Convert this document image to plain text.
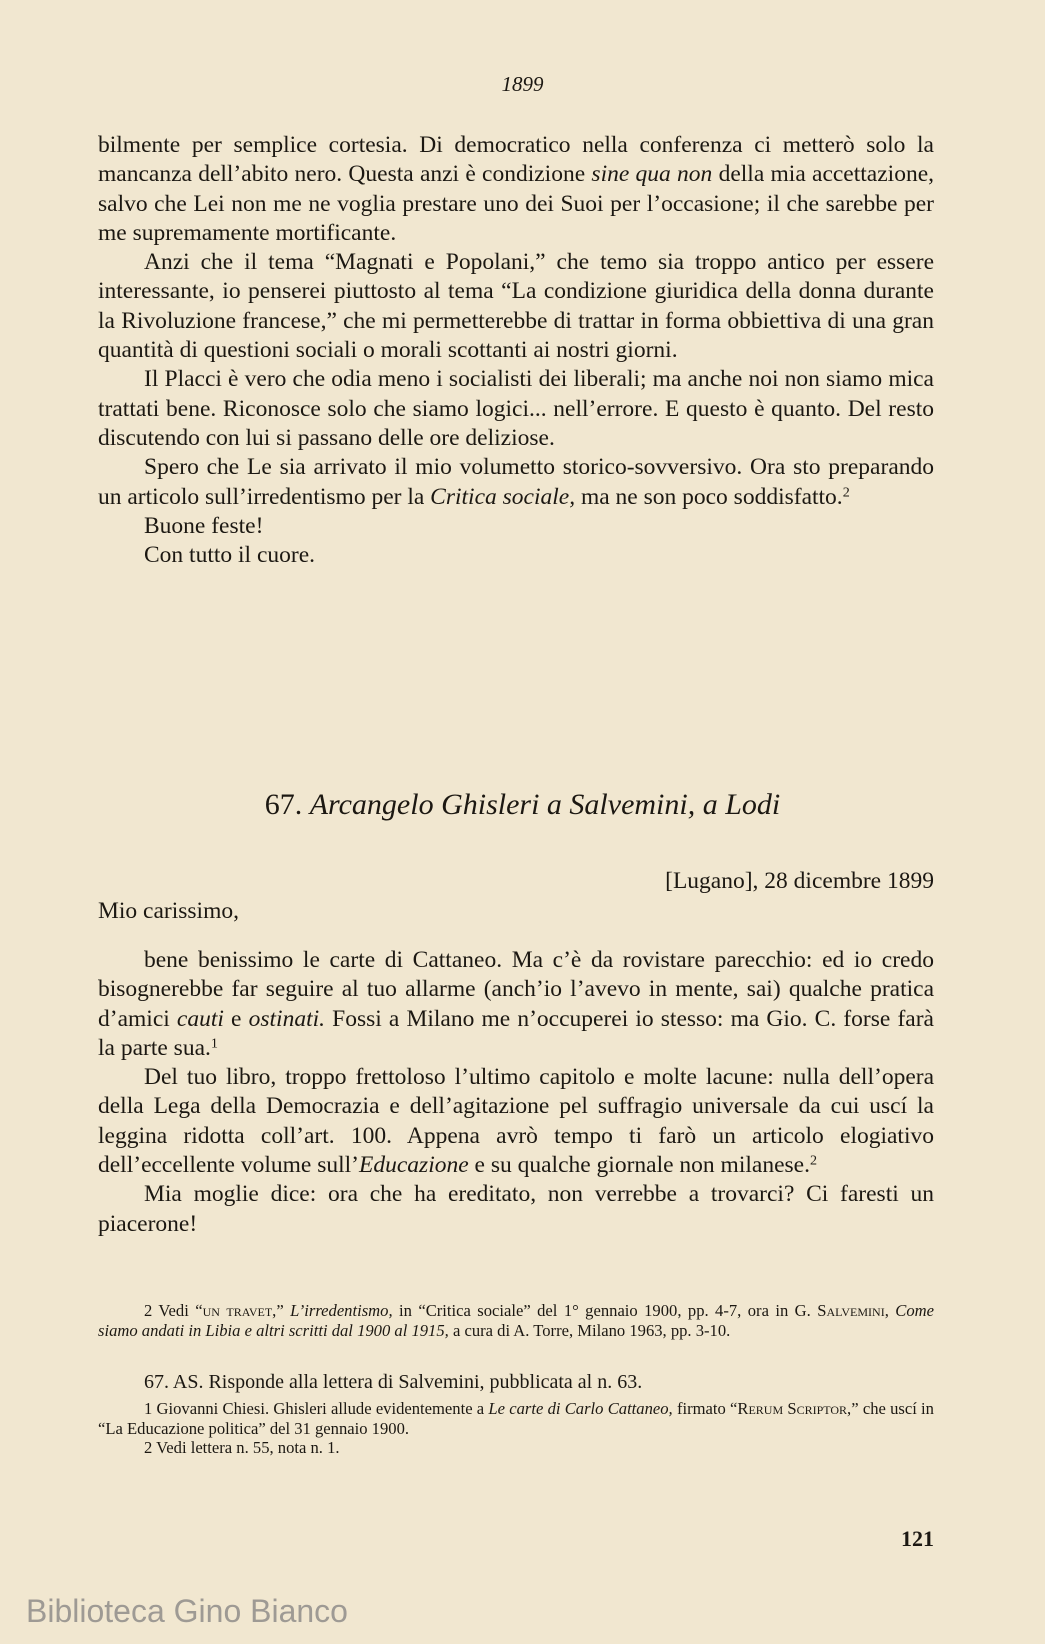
1899

bilmente per semplice cortesia. Di democratico nella conferenza ci metterò solo la mancanza dell’abito nero. Questa anzi è condizione sine qua non della mia accettazione, salvo che Lei non me ne voglia prestare uno dei Suoi per l’occasione; il che sarebbe per me supremamente mortificante.

Anzi che il tema “Magnati e Popolani,” che temo sia troppo antico per essere interessante, io penserei piuttosto al tema “La condizione giuridica della donna durante la Rivoluzione francese,” che mi permetterebbe di trattar in forma obbiettiva di una gran quantità di questioni sociali o morali scottanti ai nostri giorni.

Il Placci è vero che odia meno i socialisti dei liberali; ma anche noi non siamo mica trattati bene. Riconosce solo che siamo logici... nell’errore. E questo è quanto. Del resto discutendo con lui si passano delle ore deliziose.

Spero che Le sia arrivato il mio volumetto storico-sovversivo. Ora sto preparando un articolo sull’irredentismo per la Critica sociale, ma ne son poco soddisfatto.$^2$

Buone feste!

Con tutto il cuore.

67. Arcangelo Ghisleri a Salvemini, a Lodi
[Lugano], 28 dicembre 1899
Mio carissimo,

bene benissimo le carte di Cattaneo. Ma c’è da rovistare parecchio: ed io credo bisognerebbe far seguire al tuo allarme (anch’io l’avevo in mente, sai) qualche pratica d’amici cauti e ostinati. Fossi a Milano me n’occuperei io stesso: ma Gio. C. forse farà la parte sua.$^1$

Del tuo libro, troppo frettoloso l’ultimo capitolo e molte lacune: nulla dell’opera della Lega della Democrazia e dell’agitazione pel suffragio universale da cui uscí la leggina ridotta coll’art. 100. Appena avrò tempo ti farò un articolo elogiativo dell’eccellente volume sull’Educazione e su qualche giornale non milanese.$^2$

Mia moglie dice: ora che ha ereditato, non verrebbe a trovarci? Ci faresti un piacerone!

2 Vedi “un travet,” L’irredentismo, in “Critica sociale” del 1° gennaio 1900, pp. 4-7, ora in G. Salvemini, Come siamo andati in Libia e altri scritti dal 1900 al 1915, a cura di A. Torre, Milano 1963, pp. 3-10.

67. AS. Risponde alla lettera di Salvemini, pubblicata al n. 63.

1 Giovanni Chiesi. Ghisleri allude evidentemente a Le carte di Carlo Cattaneo, firmato “Rerum Scriptor,” che uscí in “La Educazione politica” del 31 gennaio 1900.

2 Vedi lettera n. 55, nota n. 1.

121
Biblioteca Gino Bianco
